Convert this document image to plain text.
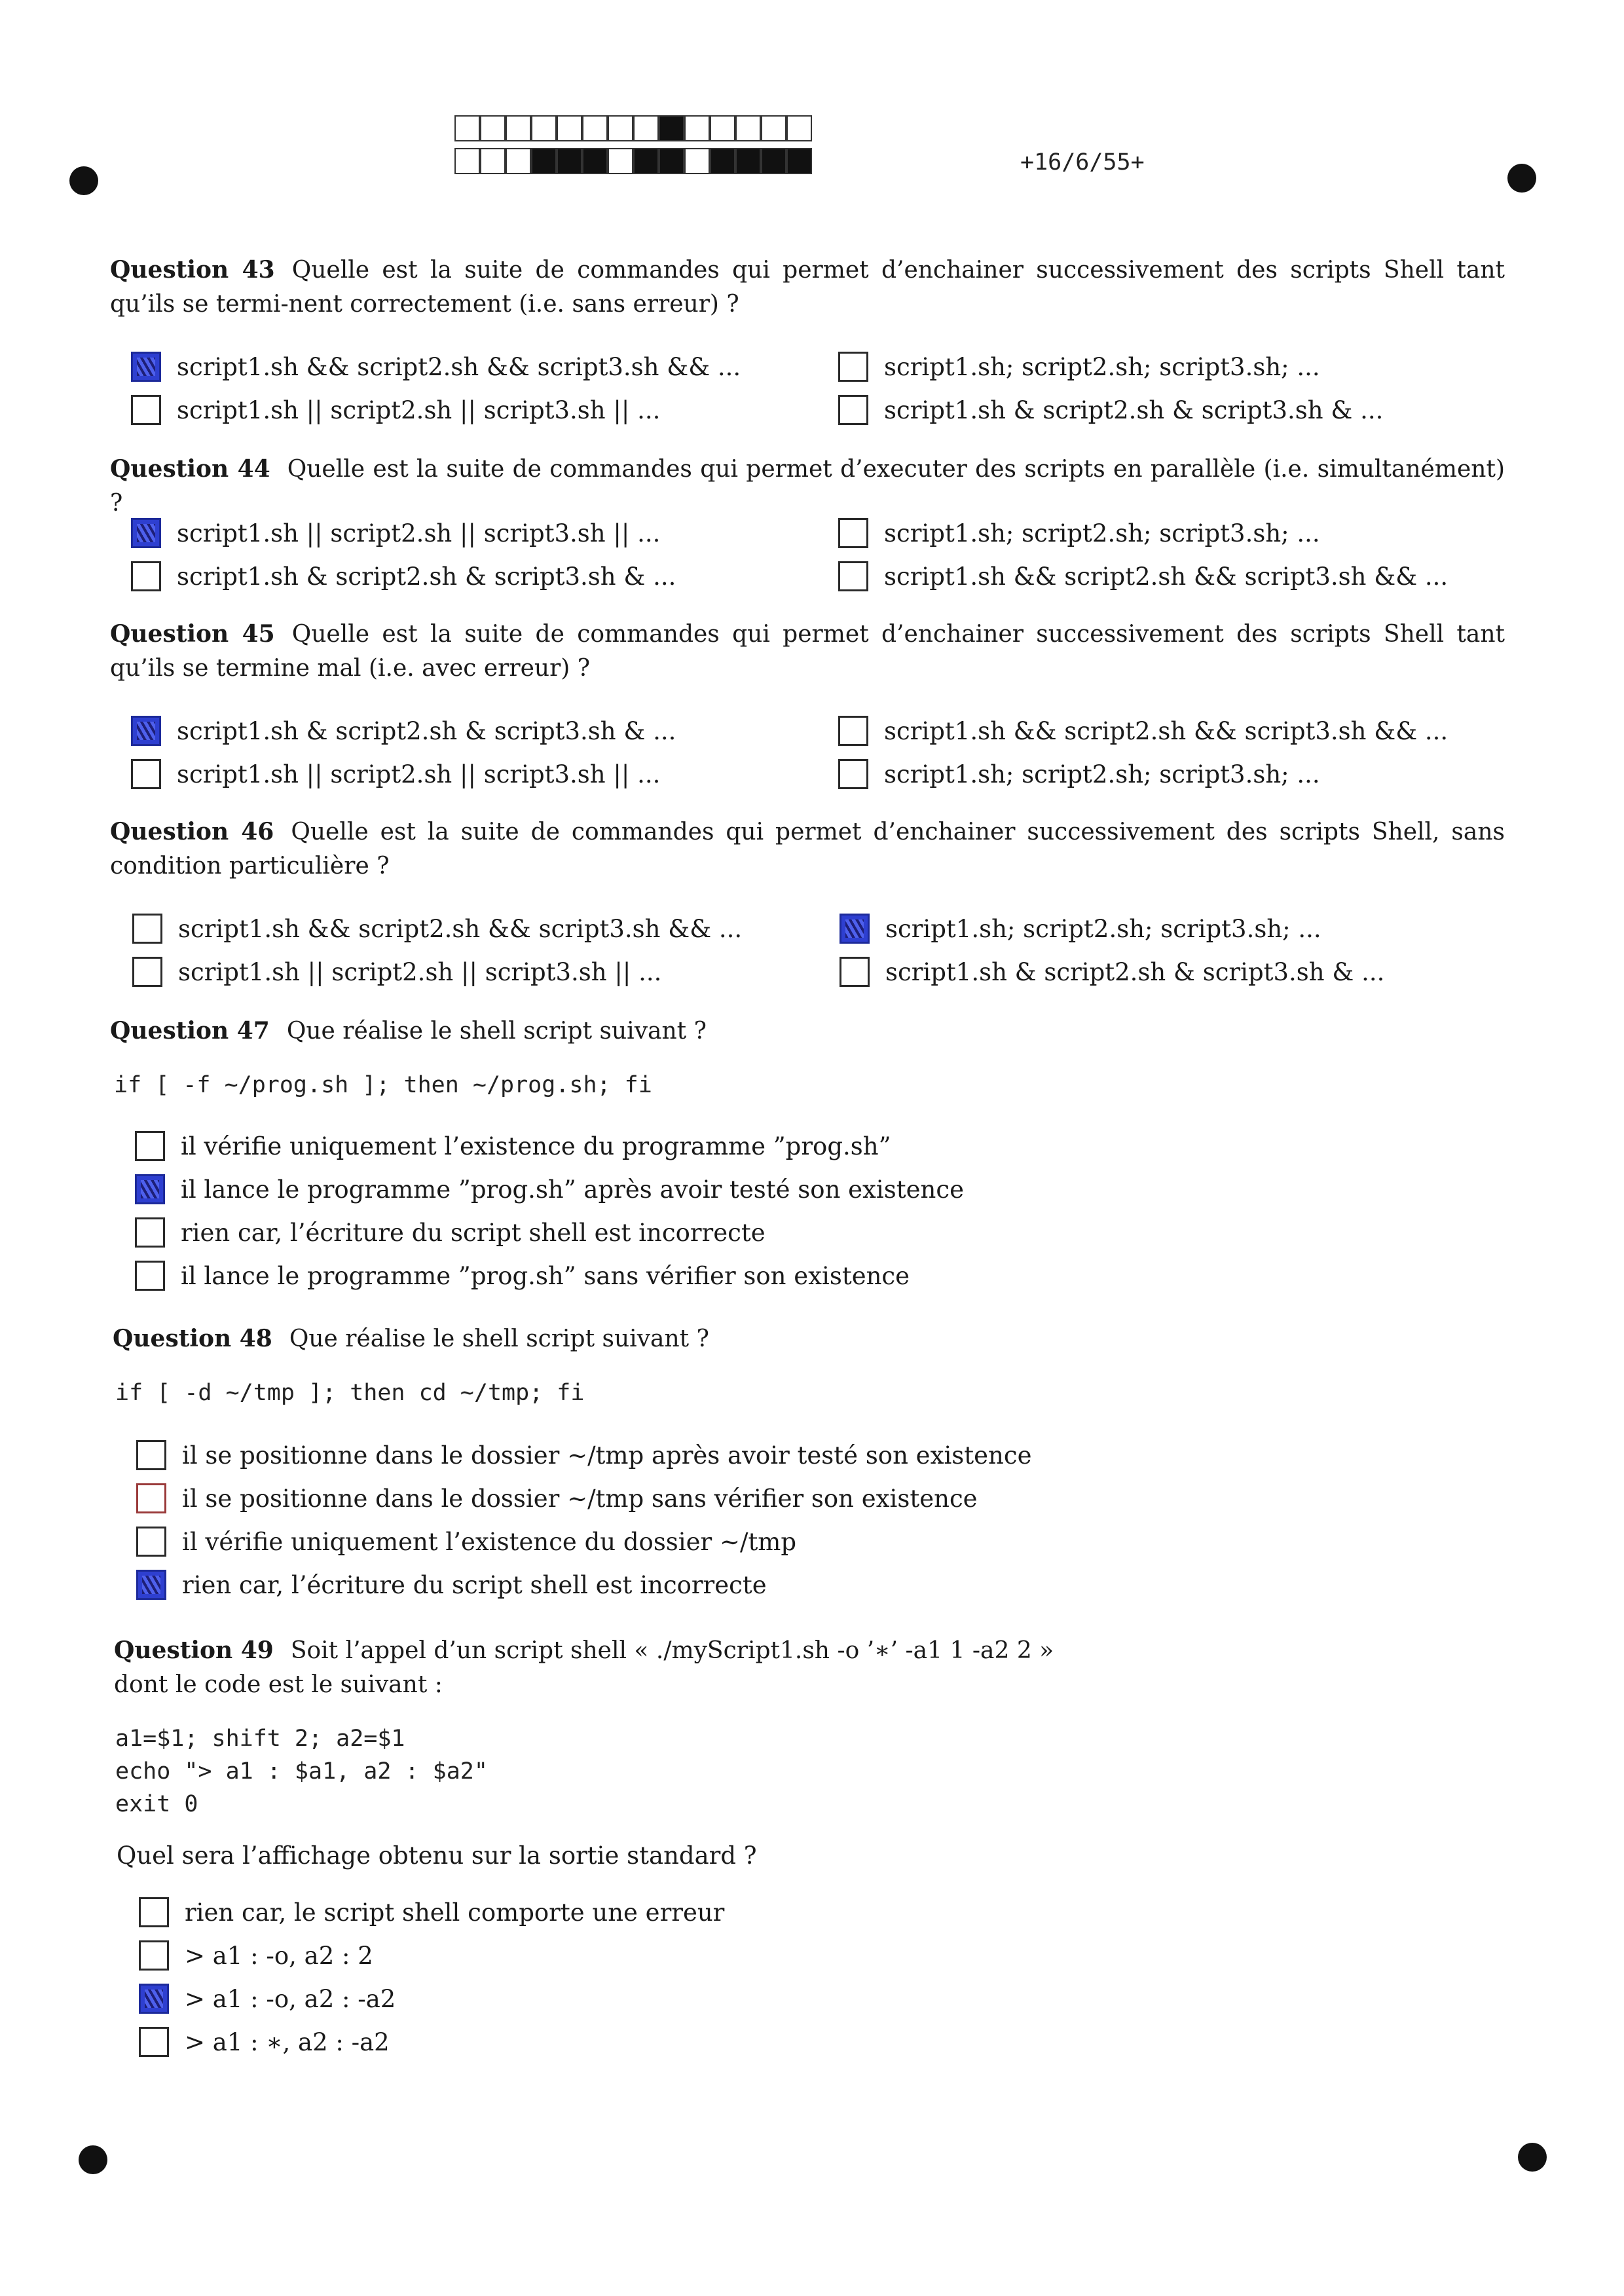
+16/6/55+
Question 43 Quelle est la suite de commandes qui permet d’enchainer successivement des scripts Shell tant qu’ils se termi-nent correctement (i.e. sans erreur) ?
script1.sh && script2.sh && script3.sh && ...	script1.sh; script2.sh; script3.sh; ...
script1.sh || script2.sh || script3.sh || ...	script1.sh & script2.sh & script3.sh & ...
Question 44 Quelle est la suite de commandes qui permet d’executer des scripts en parallèle (i.e. simultanément) ?
script1.sh || script2.sh || script3.sh || ...	script1.sh; script2.sh; script3.sh; ...
script1.sh & script2.sh & script3.sh & ...	script1.sh && script2.sh && script3.sh && ...
Question 45 Quelle est la suite de commandes qui permet d’enchainer successivement des scripts Shell tant qu’ils se termine mal (i.e. avec erreur) ?
script1.sh & script2.sh & script3.sh & ...	script1.sh && script2.sh && script3.sh && ...
script1.sh || script2.sh || script3.sh || ...	script1.sh; script2.sh; script3.sh; ...
Question 46 Quelle est la suite de commandes qui permet d’enchainer successivement des scripts Shell, sans condition particulière ?
script1.sh && script2.sh && script3.sh && ...	script1.sh; script2.sh; script3.sh; ...
script1.sh || script2.sh || script3.sh || ...	script1.sh & script2.sh & script3.sh & ...
Question 47 Que réalise le shell script suivant ?
if [ -f ~/prog.sh ]; then ~/prog.sh; fi
il vérifie uniquement l’existence du programme ”prog.sh”
il lance le programme ”prog.sh” après avoir testé son existence
rien car, l’écriture du script shell est incorrecte
il lance le programme ”prog.sh” sans vérifier son existence
Question 48 Que réalise le shell script suivant ?
if [ -d ~/tmp ]; then cd ~/tmp; fi
il se positionne dans le dossier ∼/tmp après avoir testé son existence
il se positionne dans le dossier ∼/tmp sans vérifier son existence
il vérifie uniquement l’existence du dossier ∼/tmp
rien car, l’écriture du script shell est incorrecte
Question 49 Soit l’appel d’un script shell « ./myScript1.sh -o ’∗’ -a1 1 -a2 2 »
dont le code est le suivant :
a1=$1; shift 2; a2=$1
echo "> a1 : $a1, a2 : $a2"
exit 0
Quel sera l’affichage obtenu sur la sortie standard ?
rien car, le script shell comporte une erreur
> a1 : -o, a2 : 2
> a1 : -o, a2 : -a2
> a1 : ∗, a2 : -a2
